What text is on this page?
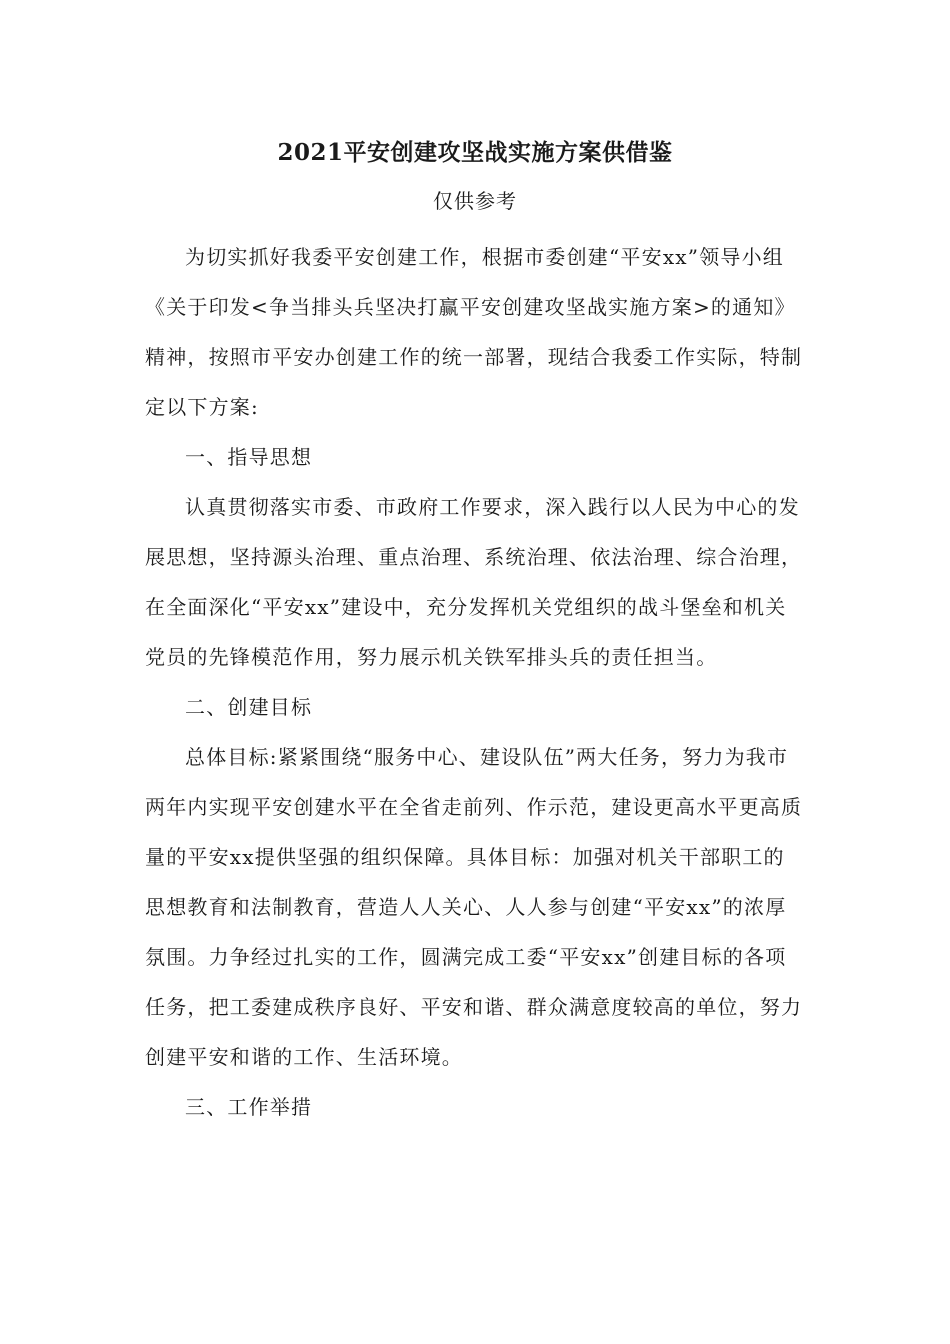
2021平安创建攻坚战实施方案供借鉴
仅供参考

为切实抓好我委平安创建工作，根据市委创建“平安xx”领导小组《关于印发<争当排头兵坚决打赢平安创建攻坚战实施方案>的通知》精神，按照市平安办创建工作的统一部署，现结合我委工作实际，特制定以下方案:

一、指导思想

认真贯彻落实市委、市政府工作要求，深入践行以人民为中心的发展思想，坚持源头治理、重点治理、系统治理、依法治理、综合治理，在全面深化“平安xx”建设中，充分发挥机关党组织的战斗堡垒和机关党员的先锋模范作用，努力展示机关铁军排头兵的责任担当。

二、创建目标

总体目标:紧紧围绕“服务中心、建设队伍”两大任务，努力为我市两年内实现平安创建水平在全省走前列、作示范，建设更高水平更高质量的平安xx提供坚强的组织保障。具体目标：加强对机关干部职工的思想教育和法制教育，营造人人关心、人人参与创建“平安xx”的浓厚氛围。力争经过扎实的工作，圆满完成工委“平安xx”创建目标的各项任务，把工委建成秩序良好、平安和谐、群众满意度较高的单位，努力创建平安和谐的工作、生活环境。

三、工作举措
